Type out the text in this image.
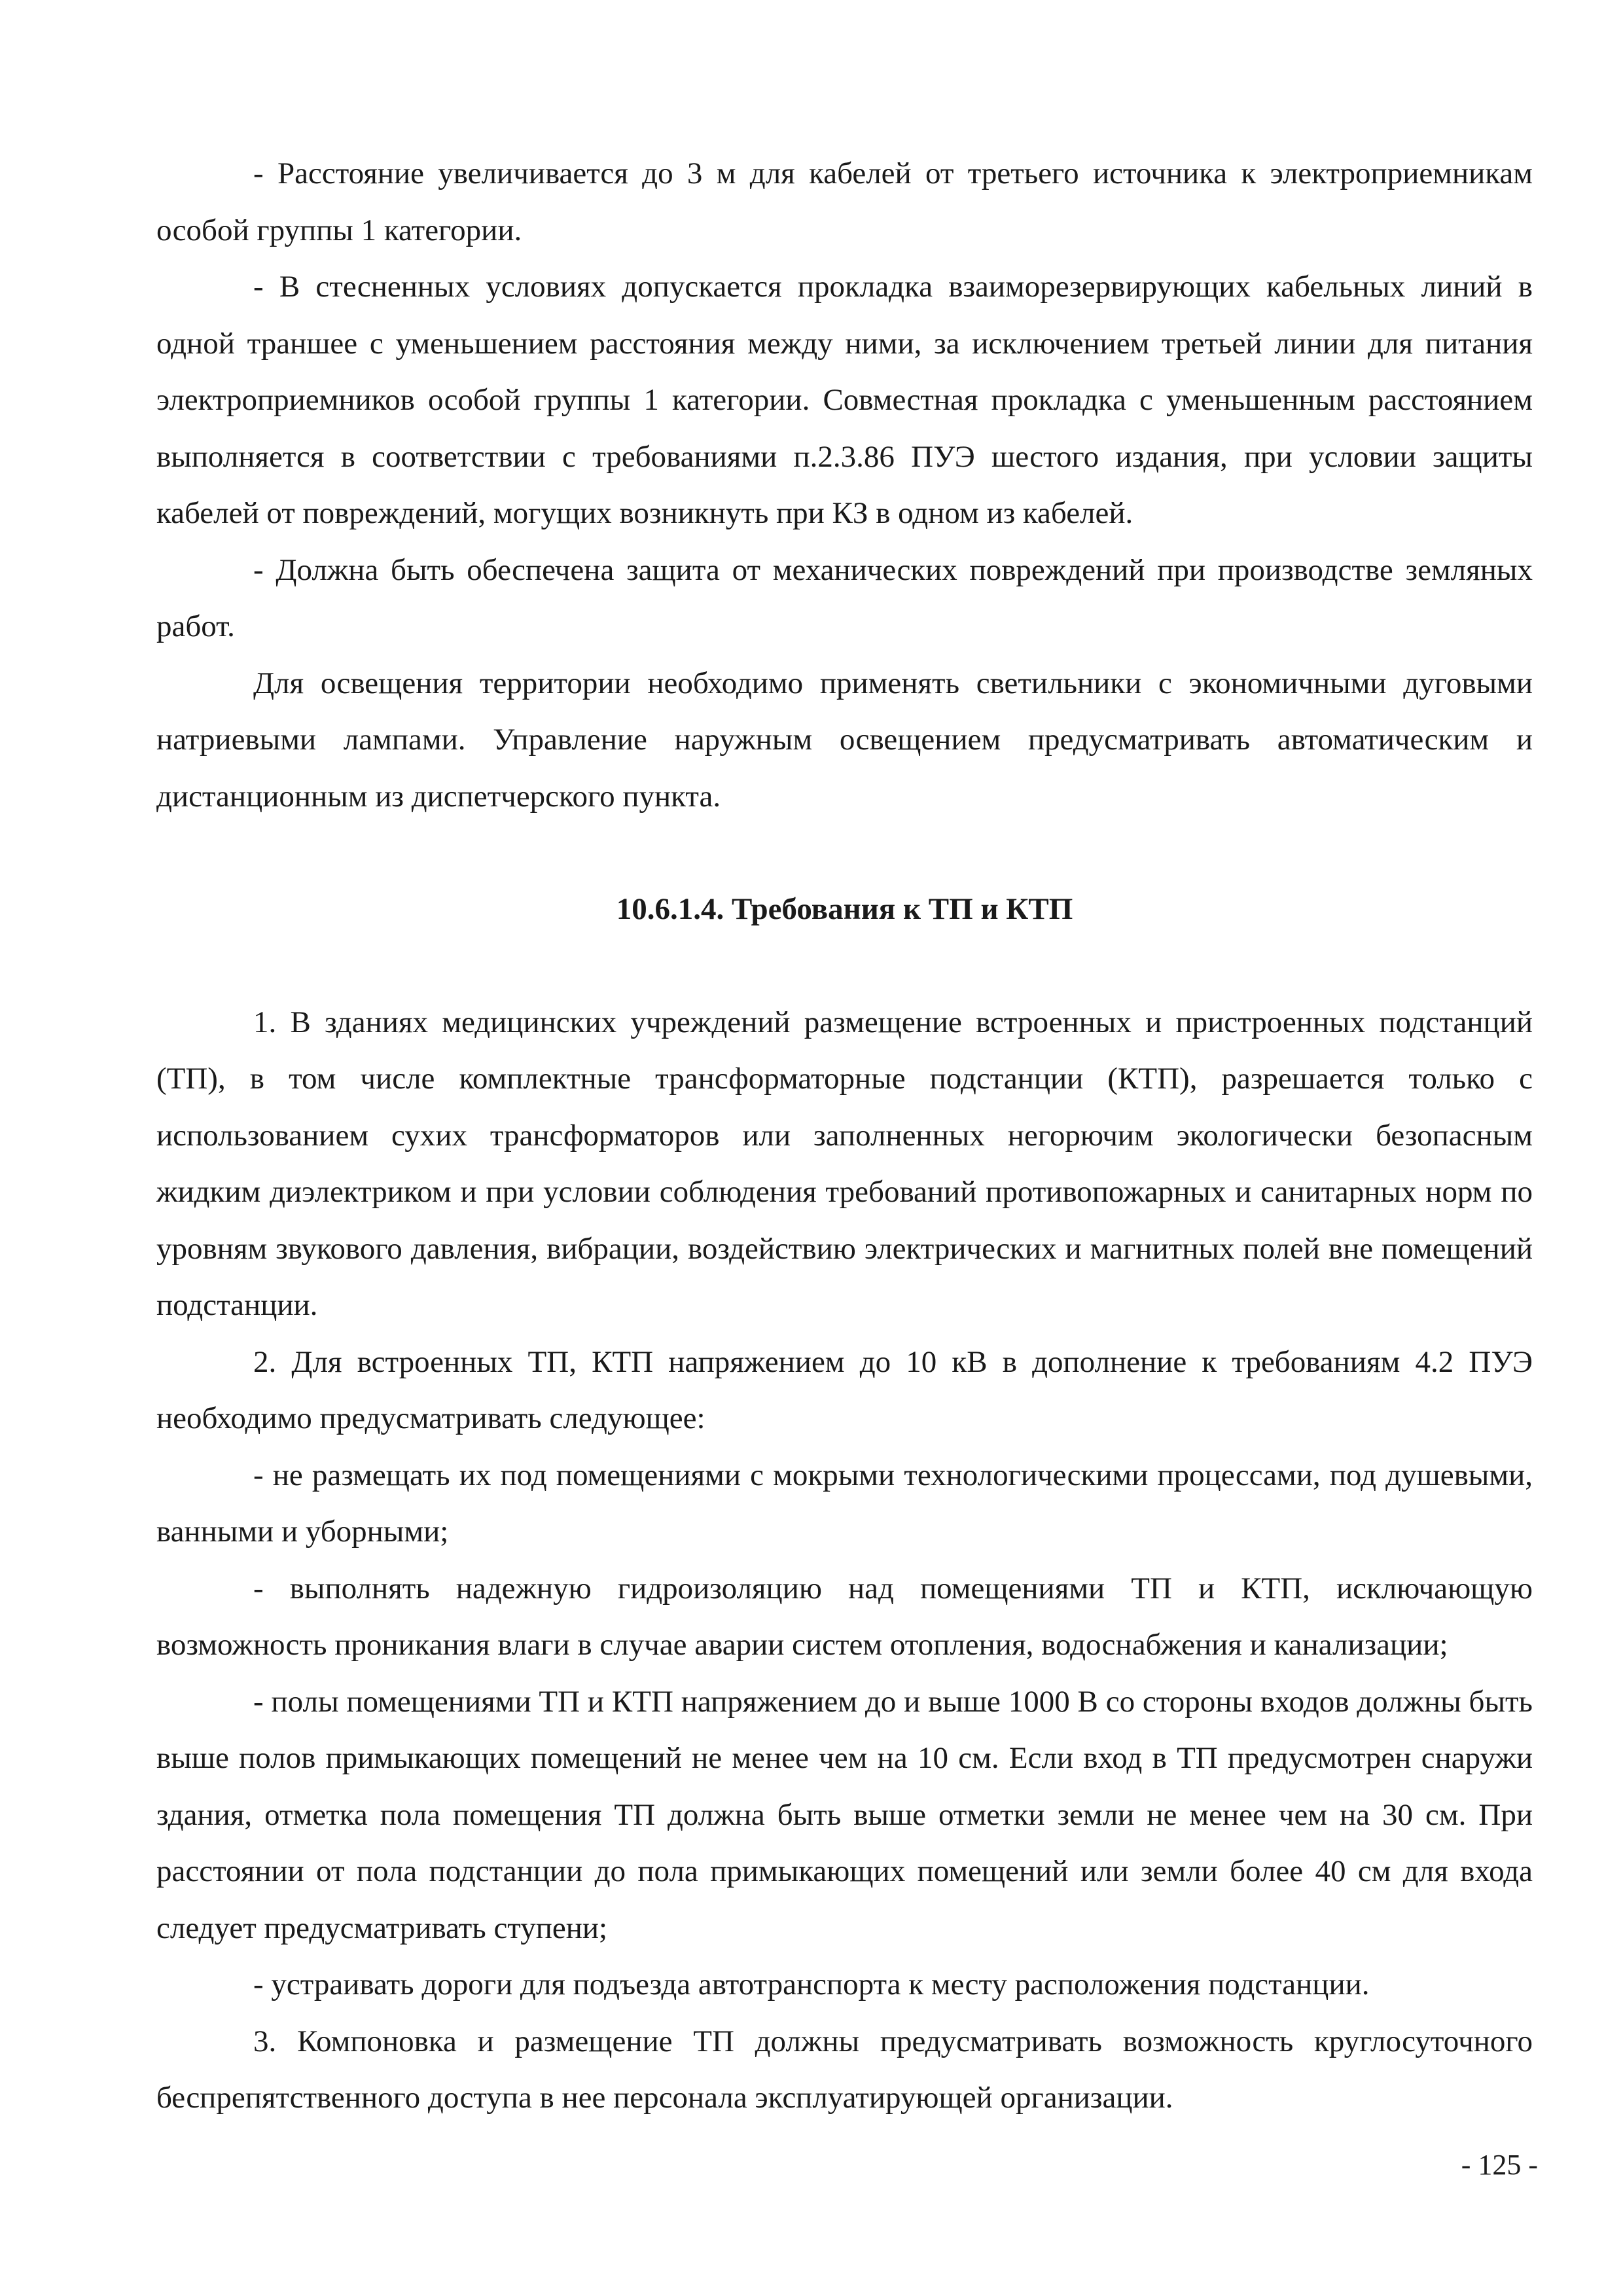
- Расстояние увеличивается до 3 м для кабелей от третьего источника к электроприемникам особой группы 1 категории.

- В стесненных условиях допускается прокладка взаиморезервирующих кабельных линий в одной траншее с уменьшением расстояния между ними, за исключением третьей линии для питания электроприемников особой группы 1 категории. Совместная прокладка с уменьшенным расстоянием выполняется в соответствии с требованиями п.2.3.86 ПУЭ шестого издания, при условии защиты кабелей от повреждений, могущих возникнуть при КЗ в одном из кабелей.

- Должна быть обеспечена защита от механических повреждений при производстве земляных работ.

Для освещения территории необходимо применять светильники с экономичными дуговыми натриевыми лампами. Управление наружным освещением предусматривать автоматическим и дистанционным из диспетчерского пункта.

10.6.1.4. Требования к ТП и КТП

1. В зданиях медицинских учреждений размещение встроенных и пристроенных подстанций (ТП), в том числе комплектные трансформаторные подстанции (КТП), разрешается только с использованием сухих трансформаторов или заполненных негорючим экологически безопасным жидким диэлектриком и при условии соблюдения требований противопожарных и санитарных норм по уровням звукового давления, вибрации, воздействию электрических и магнитных полей вне помещений подстанции.

2. Для встроенных ТП, КТП напряжением до 10 кВ в дополнение к требованиям 4.2 ПУЭ необходимо предусматривать следующее:

- не размещать их под помещениями с мокрыми технологическими процессами, под душевыми, ванными и уборными;

- выполнять надежную гидроизоляцию над помещениями ТП и КТП, исключающую возможность проникания влаги в случае аварии систем отопления, водоснабжения и канализации;

- полы помещениями ТП и КТП напряжением до и выше 1000 В со стороны входов должны быть выше полов примыкающих помещений не менее чем на 10 см. Если вход в ТП предусмотрен снаружи здания, отметка пола помещения ТП должна быть выше отметки земли не менее чем на 30 см. При расстоянии от пола подстанции до пола примыкающих помещений или земли более 40 см для входа следует предусматривать ступени;

- устраивать дороги для подъезда автотранспорта к месту расположения подстанции.

3. Компоновка и размещение ТП должны предусматривать возможность круглосуточного беспрепятственного доступа в нее персонала эксплуатирующей организации.

- 125 -
